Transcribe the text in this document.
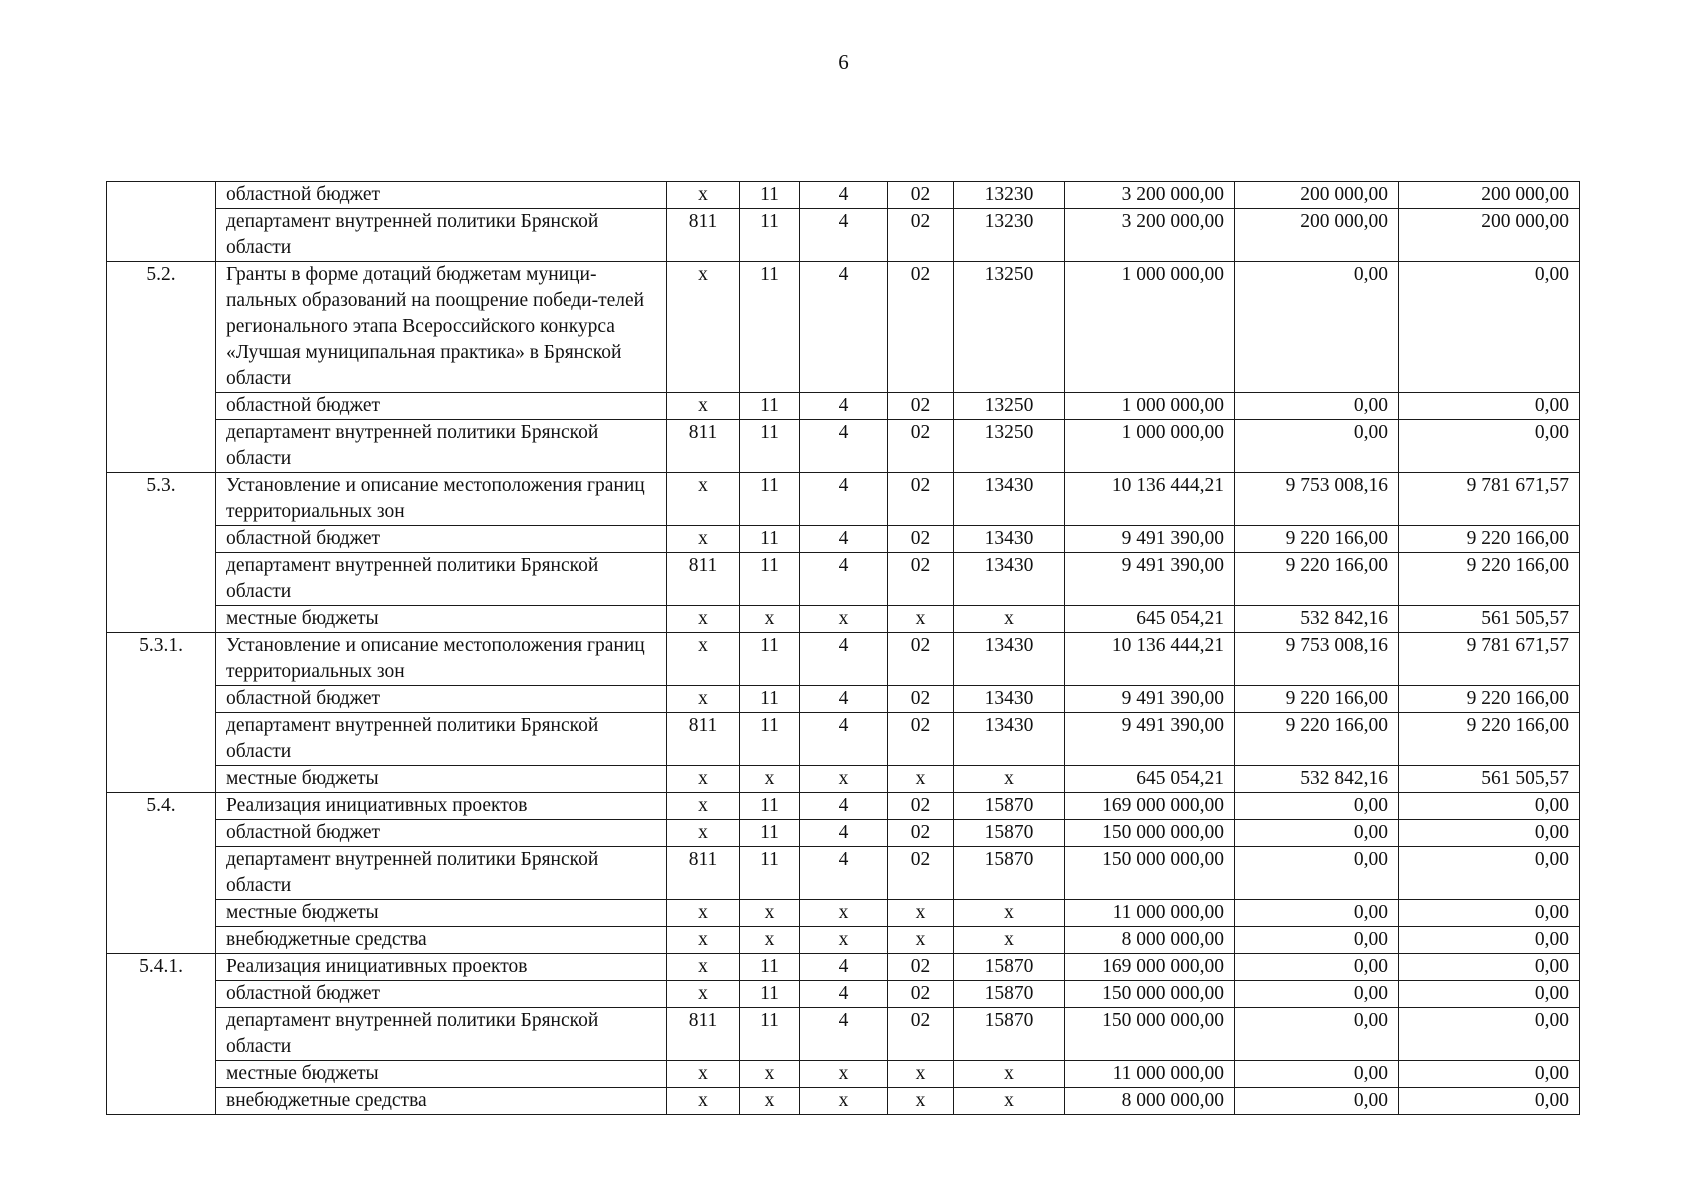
6
	областной бюджет	х	11	4	02	13230	3 200 000,00	200 000,00	200 000,00
	департамент внутренней политики Брянской области	811	11	4	02	13230	3 200 000,00	200 000,00	200 000,00
5.2.	Гранты в форме дотаций бюджетам муници-пальных образований на поощрение победи-телей регионального этапа Всероссийского конкурса «Лучшая муниципальная практика» в Брянской области	х	11	4	02	13250	1 000 000,00	0,00	0,00
	областной бюджет	х	11	4	02	13250	1 000 000,00	0,00	0,00
	департамент внутренней политики Брянской области	811	11	4	02	13250	1 000 000,00	0,00	0,00
5.3.	Установление и описание местоположения границ территориальных зон	х	11	4	02	13430	10 136 444,21	9 753 008,16	9 781 671,57
	областной бюджет	х	11	4	02	13430	9 491 390,00	9 220 166,00	9 220 166,00
	департамент внутренней политики Брянской области	811	11	4	02	13430	9 491 390,00	9 220 166,00	9 220 166,00
	местные бюджеты	х	х	х	х	х	645 054,21	532 842,16	561 505,57
5.3.1.	Установление и описание местоположения границ территориальных зон	х	11	4	02	13430	10 136 444,21	9 753 008,16	9 781 671,57
	областной бюджет	х	11	4	02	13430	9 491 390,00	9 220 166,00	9 220 166,00
	департамент внутренней политики Брянской области	811	11	4	02	13430	9 491 390,00	9 220 166,00	9 220 166,00
	местные бюджеты	х	х	х	х	х	645 054,21	532 842,16	561 505,57
5.4.	Реализация инициативных проектов	х	11	4	02	15870	169 000 000,00	0,00	0,00
	областной бюджет	х	11	4	02	15870	150 000 000,00	0,00	0,00
	департамент внутренней политики Брянской области	811	11	4	02	15870	150 000 000,00	0,00	0,00
	местные бюджеты	х	х	х	х	х	11 000 000,00	0,00	0,00
	внебюджетные средства	х	х	х	х	х	8 000 000,00	0,00	0,00
5.4.1.	Реализация инициативных проектов	х	11	4	02	15870	169 000 000,00	0,00	0,00
	областной бюджет	х	11	4	02	15870	150 000 000,00	0,00	0,00
	департамент внутренней политики Брянской области	811	11	4	02	15870	150 000 000,00	0,00	0,00
	местные бюджеты	х	х	х	х	х	11 000 000,00	0,00	0,00
	внебюджетные средства	х	х	х	х	х	8 000 000,00	0,00	0,00
